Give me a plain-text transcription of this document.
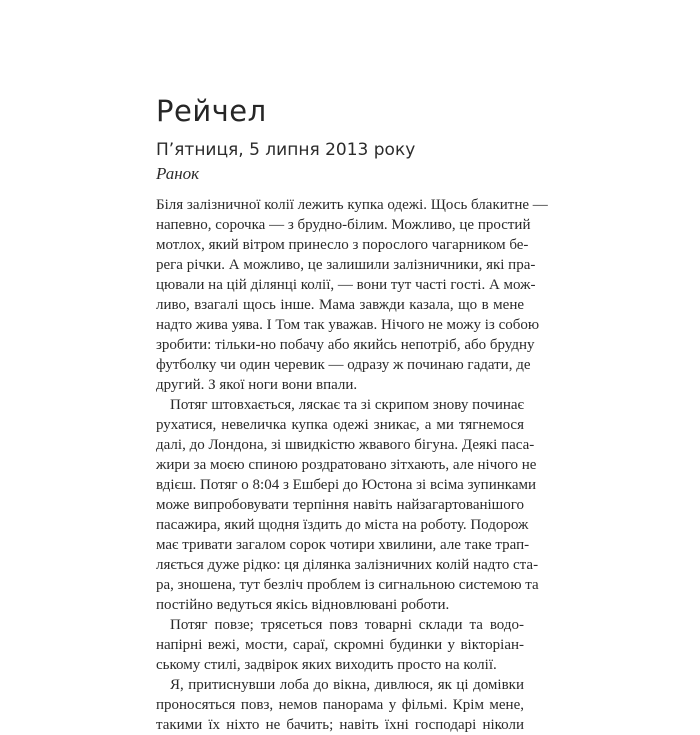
Рейчел
П’ятниця, 5 липня 2013 року
Ранок
Біля залізничної колії лежить купка одежі. Щось блакитне —
напевно, сорочка — з брудно-білим. Можливо, це простий
мотлох, який вітром принесло з порослого чагарником бе-
рега річки. А можливо, це залишили залізничники, які пра-
цювали на цій ділянці колії, — вони тут часті гості. А мож-
ливо, взагалі щось інше. Мама завжди казала, що в мене
надто жива уява. І Том так уважав. Нічого не можу із собою
зробити: тільки-но побачу або якийсь непотріб, або брудну
футболку чи один черевик — одразу ж починаю гадати, де
другий. З якої ноги вони впали.
Потяг штовхається, ляскає та зі скрипом знову починає
рухатися, невеличка купка одежі зникає, а ми тягнемося
далі, до Лондона, зі швидкістю жвавого бігуна. Деякі паса-
жири за моєю спиною роздратовано зітхають, але нічого не
вдієш. Потяг о 8:04 з Ешбері до Юстона зі всіма зупинками
може випробовувати терпіння навіть найзагартованішого
пасажира, який щодня їздить до міста на роботу. Подорож
має тривати загалом сорок чотири хвилини, але таке трап-
ляється дуже рідко: ця ділянка залізничних колій надто ста-
ра, зношена, тут безліч проблем із сигнальною системою та
постійно ведуться якісь відновлювані роботи.
Потяг повзе; трясеться повз товарні склади та водо-
напірні вежі, мости, сараї, скромні будинки у вікторіан-
ському стилі, задвірок яких виходить просто на колії.
Я, притиснувши лоба до вікна, дивлюся, як ці домівки
проносяться повз, немов панорама у фільмі. Крім мене,
такими їх ніхто не бачить; навіть їхні господарі ніколи
